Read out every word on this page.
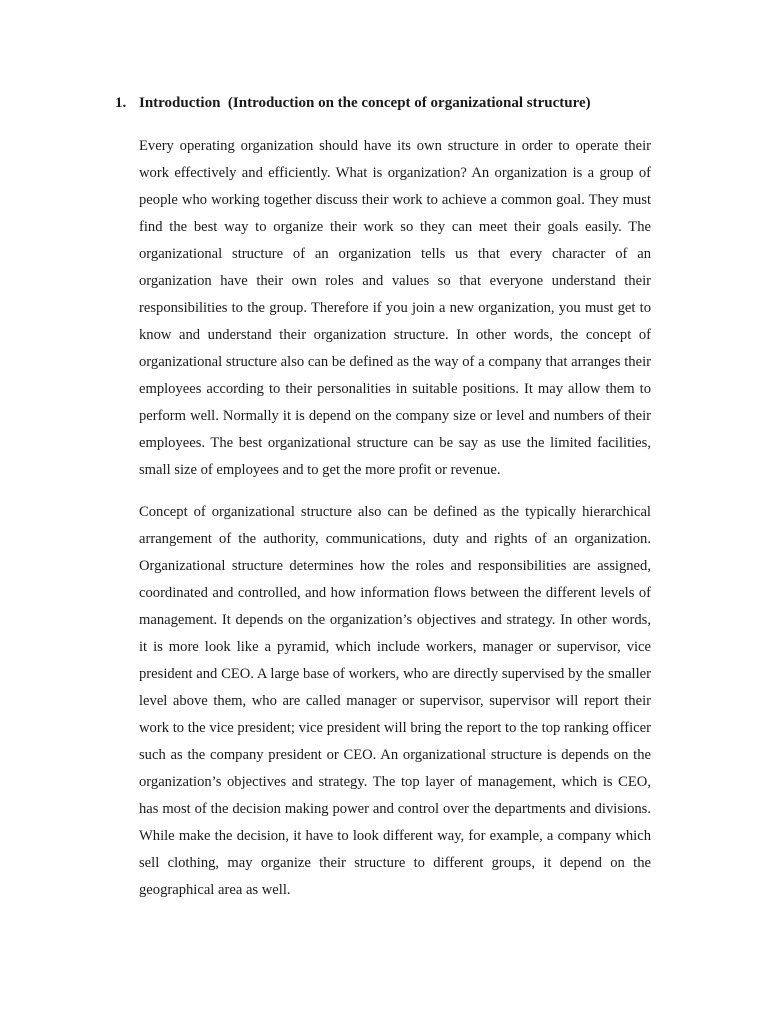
1. Introduction  (Introduction on the concept of organizational structure)

Every operating organization should have its own structure in order to operate their work effectively and efficiently. What is organization? An organization is a group of people who working together discuss their work to achieve a common goal. They must find the best way to organize their work so they can meet their goals easily. The organizational structure of an organization tells us that every character of an organization have their own roles and values so that everyone understand their responsibilities to the group. Therefore if you join a new organization, you must get to know and understand their organization structure. In other words, the concept of organizational structure also can be defined as the way of a company that arranges their employees according to their personalities in suitable positions. It may allow them to perform well. Normally it is depend on the company size or level and numbers of their employees. The best organizational structure can be say as use the limited facilities, small size of employees and to get the more profit or revenue.

Concept of organizational structure also can be defined as the typically hierarchical arrangement of the authority, communications, duty and rights of an organization. Organizational structure determines how the roles and responsibilities are assigned, coordinated and controlled, and how information flows between the different levels of management. It depends on the organization’s objectives and strategy. In other words, it is more look like a pyramid, which include workers, manager or supervisor, vice president and CEO. A large base of workers, who are directly supervised by the smaller level above them, who are called manager or supervisor, supervisor will report their work to the vice president; vice president will bring the report to the top ranking officer such as the company president or CEO. An organizational structure is depends on the organization’s objectives and strategy. The top layer of management, which is CEO, has most of the decision making power and control over the departments and divisions. While make the decision, it have to look different way, for example, a company which sell clothing, may organize their structure to different groups, it depend on the geographical area as well.
